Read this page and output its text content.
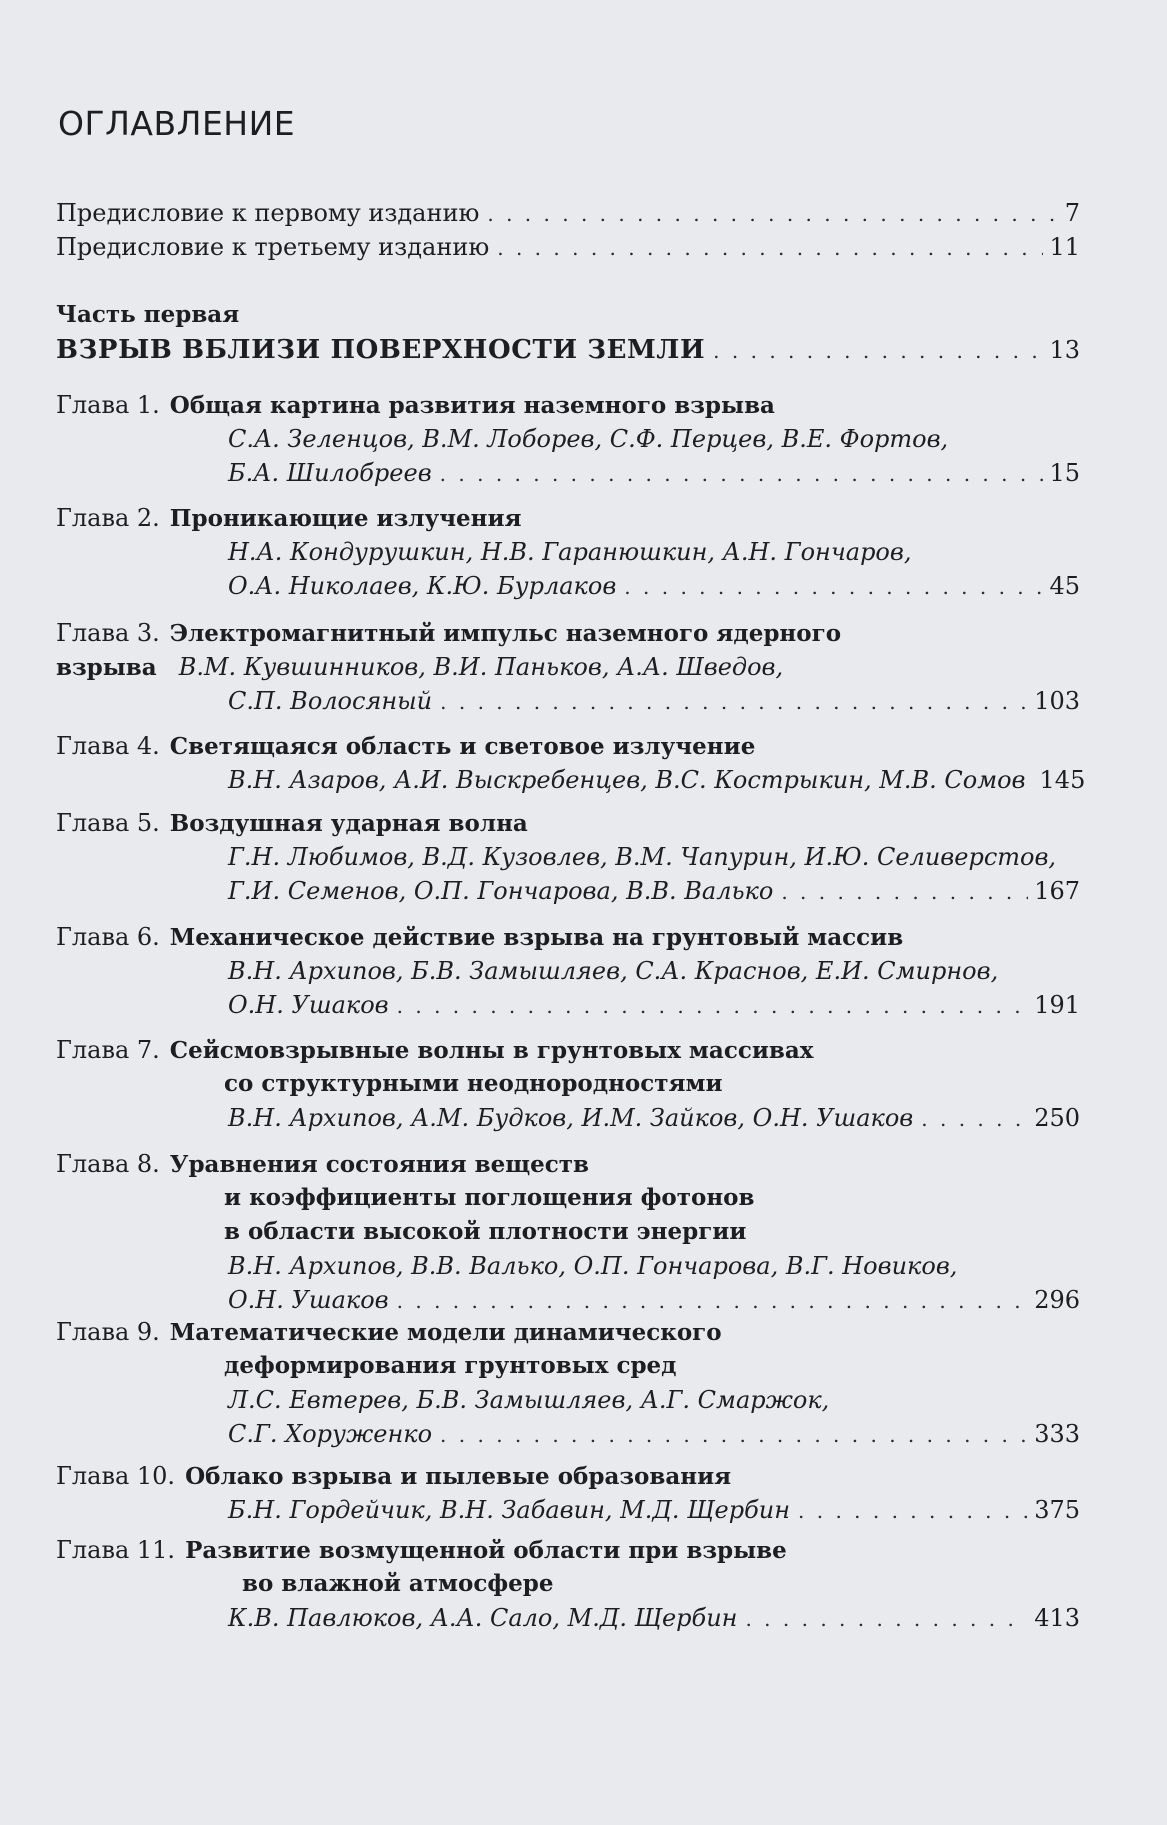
ОГЛАВЛЕНИЕ
Предисловие к первому изданию . . .	7
Предисловие к третьему изданию . . .	11
Часть первая
ВЗРЫВ ВБЛИЗИ ПОВЕРХНОСТИ ЗЕМЛИ . . .	13
Глава 1. Общая картина развития наземного взрыва
С.А. Зеленцов, В.М. Лоборев, С.Ф. Перцев, В.Е. Фортов,
Б.А. Шилобреев . . .	15
Глава 2. Проникающие излучения
Н.А. Кондурушкин, Н.В. Гаранюшкин, А.Н. Гончаров,
О.А. Николаев, К.Ю. Бурлаков . . .	45
Глава 3. Электромагнитный импульс наземного ядерного
взрыва В.М. Кувшинников, В.И. Паньков, А.А. Шведов,
С.П. Волосяный . . .	103
Глава 4. Светящаяся область и световое излучение
В.Н. Азаров, А.И. Выскребенцев, В.С. Кострыкин, М.В. Сомов 145
Глава 5. Воздушная ударная волна
Г.Н. Любимов, В.Д. Кузовлев, В.М. Чапурин, И.Ю. Селиверстов,
Г.И. Семенов, О.П. Гончарова, В.В. Валько . . .	167
Глава 6. Механическое действие взрыва на грунтовый массив
В.Н. Архипов, Б.В. Замышляев, С.А. Краснов, Е.И. Смирнов,
О.Н. Ушаков . . .	191
Глава 7. Сейсмовзрывные волны в грунтовых массивах
со структурными неоднородностями
В.Н. Архипов, А.М. Будков, И.М. Зайков, О.Н. Ушаков . . .	250
Глава 8. Уравнения состояния веществ
и коэффициенты поглощения фотонов
в области высокой плотности энергии
В.Н. Архипов, В.В. Валько, О.П. Гончарова, В.Г. Новиков,
О.Н. Ушаков . . .	296
Глава 9. Математические модели динамического
деформирования грунтовых сред
Л.С. Евтерев, Б.В. Замышляев, А.Г. Смаржок,
С.Г. Хоруженко . . .	333
Глава 10. Облако взрыва и пылевые образования
Б.Н. Гордейчик, В.Н. Забавин, М.Д. Щербин . . .	375
Глава 11. Развитие возмущенной области при взрыве
во влажной атмосфере
К.В. Павлюков, А.А. Сало, М.Д. Щербин . . .	413
